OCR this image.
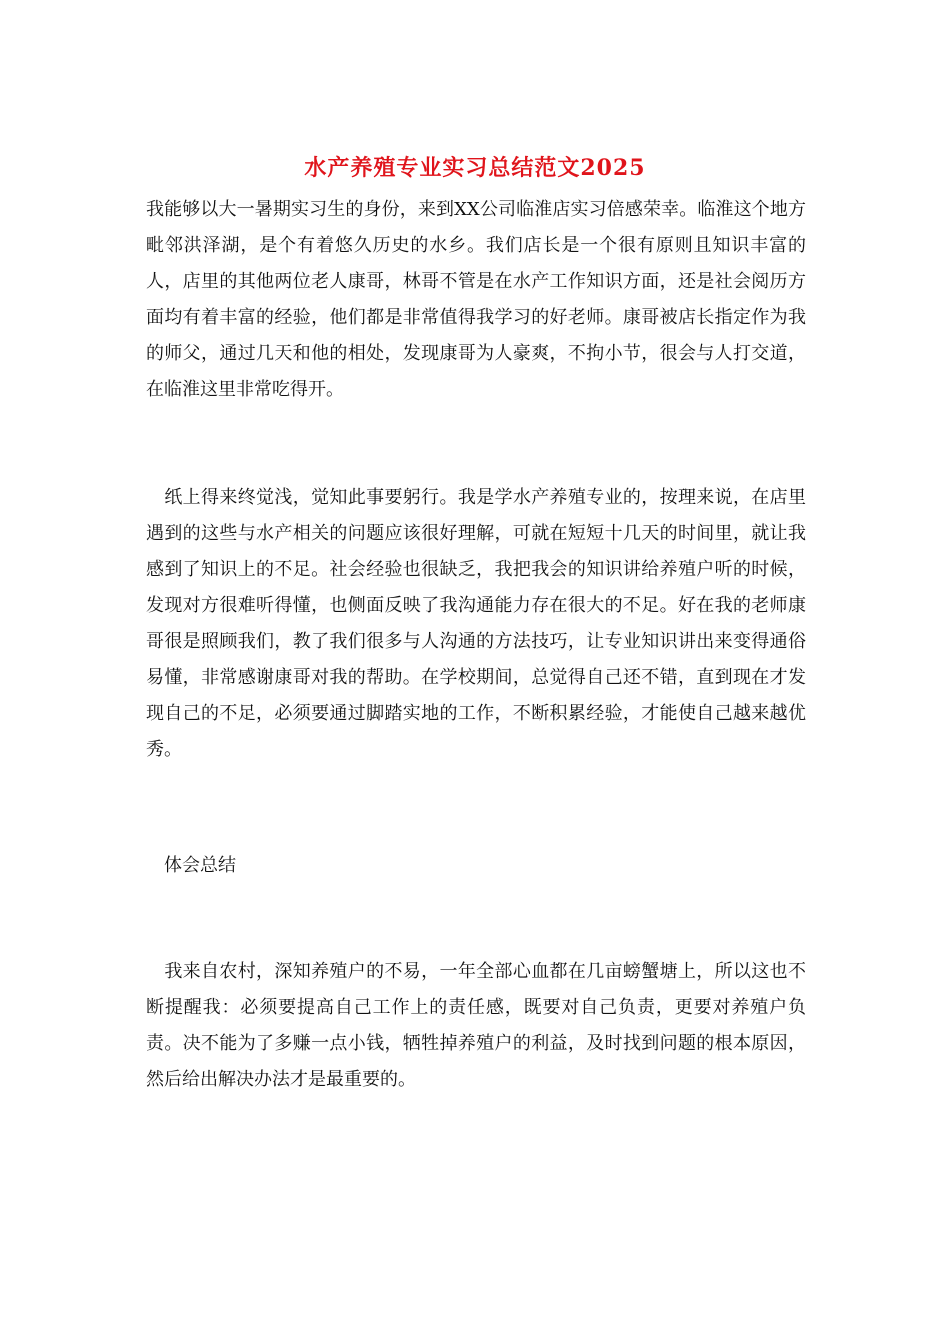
水产养殖专业实习总结范文2025

我能够以大一暑期实习生的身份，来到XX公司临淮店实习倍感荣幸。临淮这个地方毗邻洪泽湖，是个有着悠久历史的水乡。我们店长是一个很有原则且知识丰富的人，店里的其他两位老人康哥，林哥不管是在水产工作知识方面，还是社会阅历方面均有着丰富的经验，他们都是非常值得我学习的好老师。康哥被店长指定作为我的师父，通过几天和他的相处，发现康哥为人豪爽，不拘小节，很会与人打交道，在临淮这里非常吃得开。

　纸上得来终觉浅，觉知此事要躬行。我是学水产养殖专业的，按理来说，在店里遇到的这些与水产相关的问题应该很好理解，可就在短短十几天的时间里，就让我感到了知识上的不足。社会经验也很缺乏，我把我会的知识讲给养殖户听的时候，发现对方很难听得懂，也侧面反映了我沟通能力存在很大的不足。好在我的老师康哥很是照顾我们，教了我们很多与人沟通的方法技巧，让专业知识讲出来变得通俗易懂，非常感谢康哥对我的帮助。在学校期间，总觉得自己还不错，直到现在才发现自己的不足，必须要通过脚踏实地的工作，不断积累经验，才能使自己越来越优秀。

　体会总结

　我来自农村，深知养殖户的不易，一年全部心血都在几亩螃蟹塘上，所以这也不断提醒我：必须要提高自己工作上的责任感，既要对自己负责，更要对养殖户负责。决不能为了多赚一点小钱，牺牲掉养殖户的利益，及时找到问题的根本原因，然后给出解决办法才是最重要的。
